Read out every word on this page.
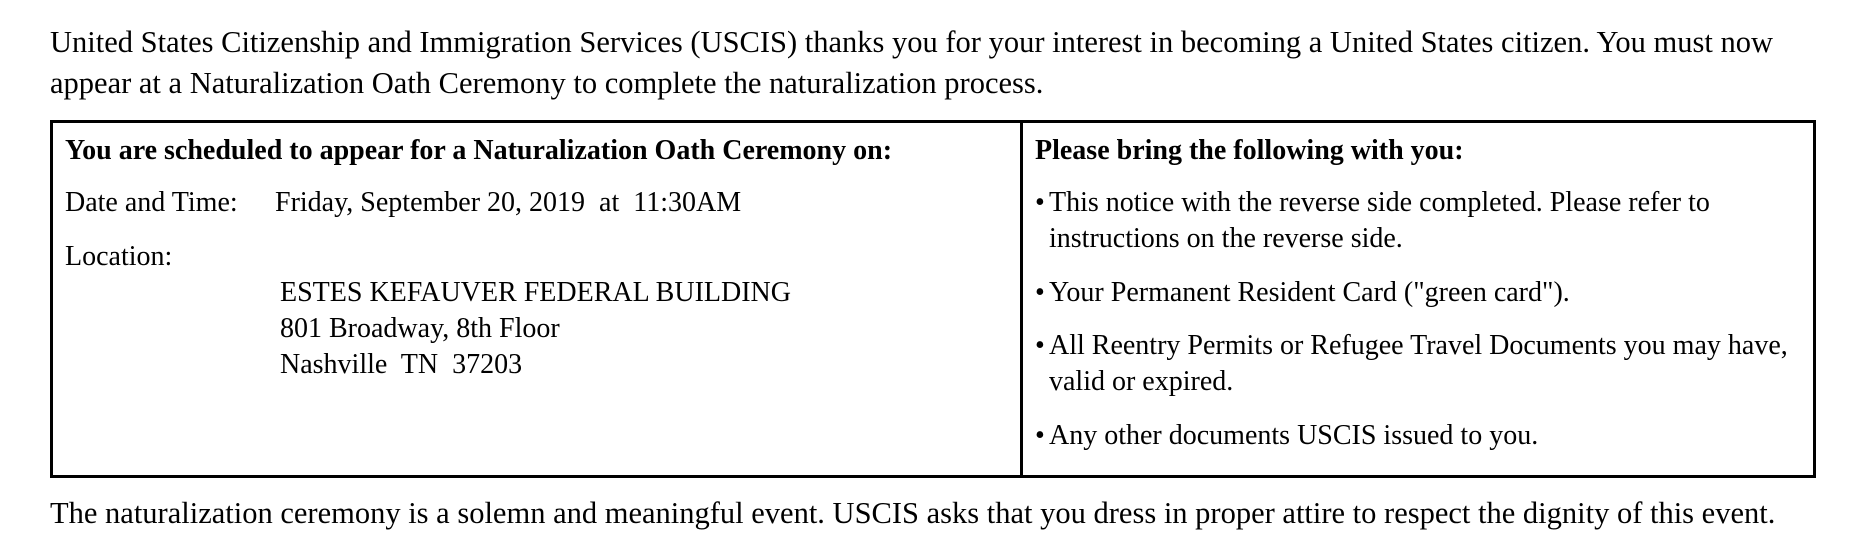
United States Citizenship and Immigration Services (USCIS) thanks you for your interest in becoming a United States citizen. You must now appear at a Naturalization Oath Ceremony to complete the naturalization process.
You are scheduled to appear for a Naturalization Oath Ceremony on:
Date and Time: Friday, September 20, 2019  at  11:30AM
Location:
ESTES KEFAUVER FEDERAL BUILDING
801 Broadway, 8th Floor
Nashville  TN  37203
Please bring the following with you:
• This notice with the reverse side completed. Please refer to instructions on the reverse side.
• Your Permanent Resident Card ("green card").
• All Reentry Permits or Refugee Travel Documents you may have, valid or expired.
• Any other documents USCIS issued to you.
The naturalization ceremony is a solemn and meaningful event. USCIS asks that you dress in proper attire to respect the dignity of this event.
